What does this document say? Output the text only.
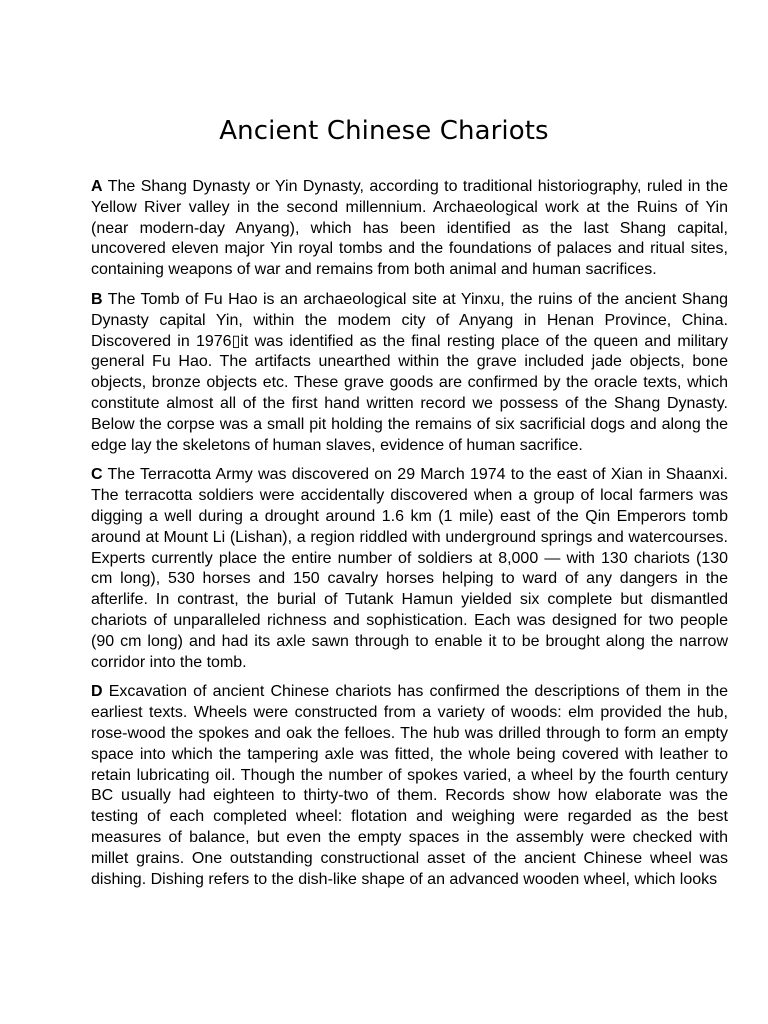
Ancient Chinese Chariots

A The Shang Dynasty or Yin Dynasty, according to traditional historiography, ruled in the Yellow River valley in the second millennium. Archaeological work at the Ruins of Yin (near modern-day Anyang), which has been identified as the last Shang capital, uncovered eleven major Yin royal tombs and the foundations of palaces and ritual sites, containing weapons of war and remains from both animal and human sacrifices.

B The Tomb of Fu Hao is an archaeological site at Yinxu, the ruins of the ancient Shang Dynasty capital Yin, within the modem city of Anyang in Henan Province, China. Discovered in 1976▯it was identified as the final resting place of the queen and military general Fu Hao. The artifacts unearthed within the grave included jade objects, bone objects, bronze objects etc. These grave goods are confirmed by the oracle texts, which constitute almost all of the first hand written record we possess of the Shang Dynasty. Below the corpse was a small pit holding the remains of six sacrificial dogs and along the edge lay the skeletons of human slaves, evidence of human sacrifice.

C The Terracotta Army was discovered on 29 March 1974 to the east of Xian in Shaanxi. The terracotta soldiers were accidentally discovered when a group of local farmers was digging a well during a drought around 1.6 km (1 mile) east of the Qin Emperors tomb around at Mount Li (Lishan), a region riddled with underground springs and watercourses. Experts currently place the entire number of soldiers at 8,000 — with 130 chariots (130 cm long), 530 horses and 150 cavalry horses helping to ward of any dangers in the afterlife. In contrast, the burial of Tutank Hamun yielded six complete but dismantled chariots of unparalleled richness and sophistication. Each was designed for two people (90 cm long) and had its axle sawn through to enable it to be brought along the narrow corridor into the tomb.

D Excavation of ancient Chinese chariots has confirmed the descriptions of them in the earliest texts. Wheels were constructed from a variety of woods: elm provided the hub, rose-wood the spokes and oak the felloes. The hub was drilled through to form an empty space into which the tampering axle was fitted, the whole being covered with leather to retain lubricating oil. Though the number of spokes varied, a wheel by the fourth century BC usually had eighteen to thirty-two of them. Records show how elaborate was the testing of each completed wheel: flotation and weighing were regarded as the best measures of balance, but even the empty spaces in the assembly were checked with millet grains. One outstanding constructional asset of the ancient Chinese wheel was dishing. Dishing refers to the dish-like shape of an advanced wooden wheel, which looks
